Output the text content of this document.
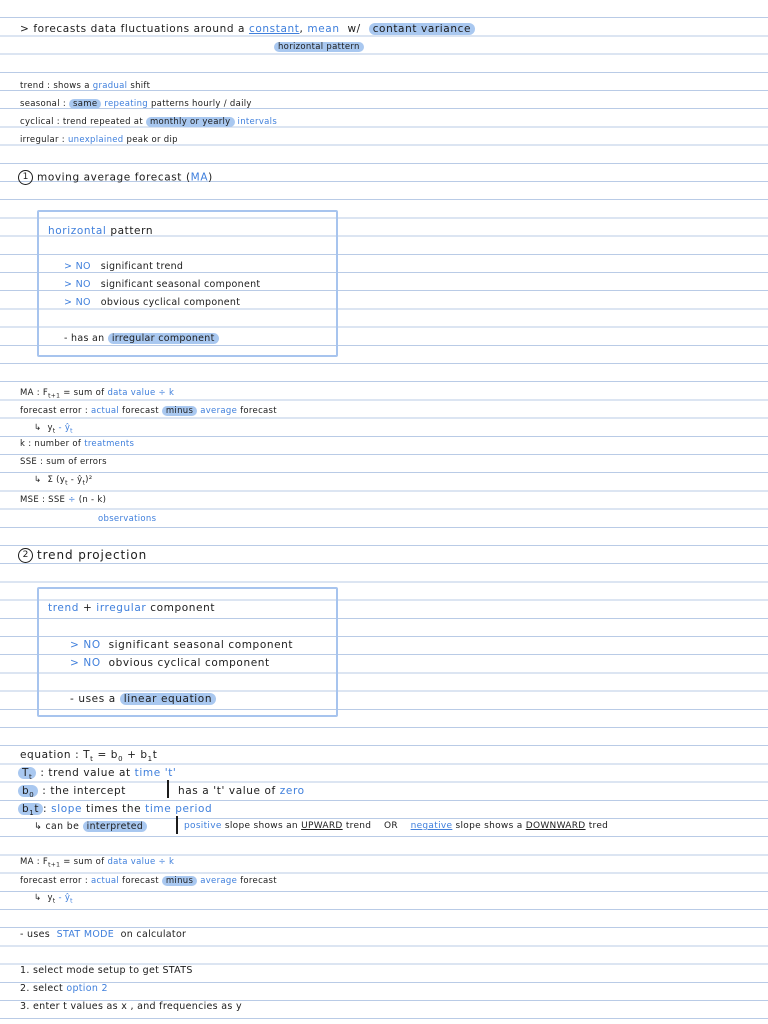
> forecasts data fluctuations around a constant, mean w/ contant variance
horizontal pattern
trend : shows a gradual shift
seasonal : same repeating patterns hourly / daily
cyclical : trend repeated at monthly or yearly intervals
irregular : unexplained peak or dip
1 moving average forecast (MA)
horizontal pattern
> NO significant trend
> NO significant seasonal component
> NO obvious cyclical component
- has an irregular component
MA : $F_{t+1}$ = sum of data value ÷ k
forecast error : actual forecast minus average forecast
↳ $y_t$ - $ŷ_t$
k : number of treatments
SSE : sum of errors
↳ Σ ($y_t$ - $ŷ_t)^2$
MSE : SSE ÷ (n - k)
observations
2 trend projection
trend + irregular component
> NO significant seasonal component
> NO obvious cyclical component
- uses a linear equation
equation : $T_t = b_0 + b_1t$
$T_t$ : trend value at time 't'
$b_0$ : the intercept	has a 't' value of zero
$b_1t$ : slope times the time period
↳ can be interpreted	positive slope shows an UPWARD trend OR negative slope shows a DOWNWARD tred
MA : $F_{t+1}$ = sum of data value ÷ k
forecast error : actual forecast minus average forecast
↳ $y_t$ - $ŷ_t$
- uses STAT MODE on calculator
1. select mode setup to get STATS
2. select option 2
3. enter t values as x , and frequencies as y
